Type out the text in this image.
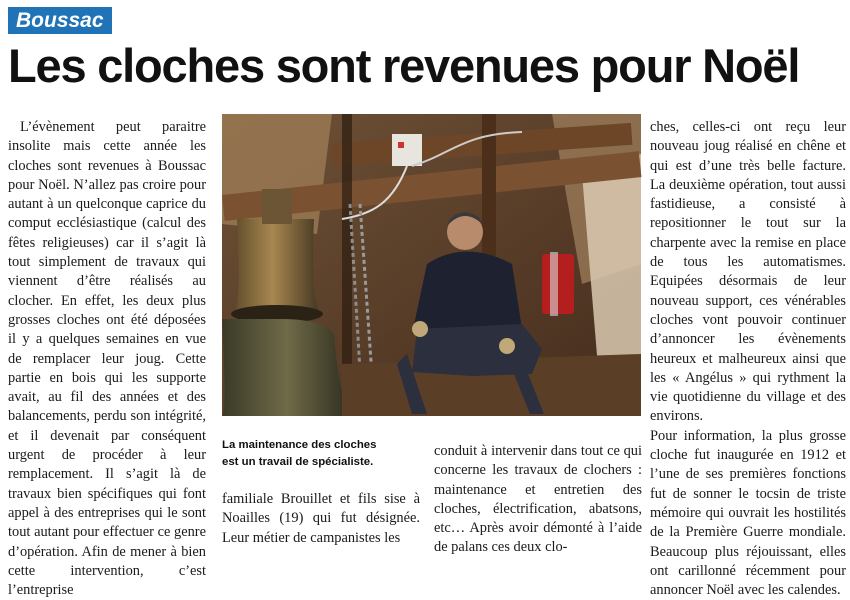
Boussac
Les cloches sont revenues pour Noël
L’évènement peut paraitre insolite mais cette année les cloches sont revenues à Boussac pour Noël. N’allez pas croire pour autant à un quelconque caprice du comput ecclésiastique (calcul des fêtes religieuses) car il s’agit là tout simplement de travaux qui viennent d’être réalisés au clocher. En effet, les deux plus grosses cloches ont été déposées il y a quelques semaines en vue de remplacer leur joug. Cette partie en bois qui les supporte avait, au fil des années et des balancements, perdu son intégrité, et il devenait par conséquent urgent de procéder à leur remplacement. Il s’agit là de travaux bien spécifiques qui font appel à des entreprises qui le sont tout autant pour effectuer ce genre d’opération. Afin de mener à bien cette intervention, c’est l’entreprise
La maintenance des cloches
est un travail de spécialiste.
familiale Brouillet et fils sise à Noailles (19) qui fut désignée. Leur métier de campanistes les
conduit à intervenir dans tout ce qui concerne les travaux de clochers : maintenance et entretien des cloches, électrification, abatsons, etc… Après avoir démonté à l’aide de palans ces deux clo-
ches, celles-ci ont reçu leur nouveau joug réalisé en chêne et qui est d’une très belle facture. La deuxième opération, tout aussi fastidieuse, a consisté à repositionner le tout sur la charpente avec la remise en place de tous les automatismes. Equipées désormais de leur nouveau support, ces vénérables cloches vont pouvoir continuer d’annoncer les évènements heureux et malheureux ainsi que les « Angélus » qui rythment la vie quotidienne du village et des environs.
Pour information, la plus grosse cloche fut inaugurée en 1912 et l’une de ses premières fonctions fut de sonner le tocsin de triste mémoire qui ouvrait les hostilités de la Première Guerre mondiale. Beaucoup plus réjouissant, elles ont carillonné récemment pour annoncer Noël avec les calendes.
